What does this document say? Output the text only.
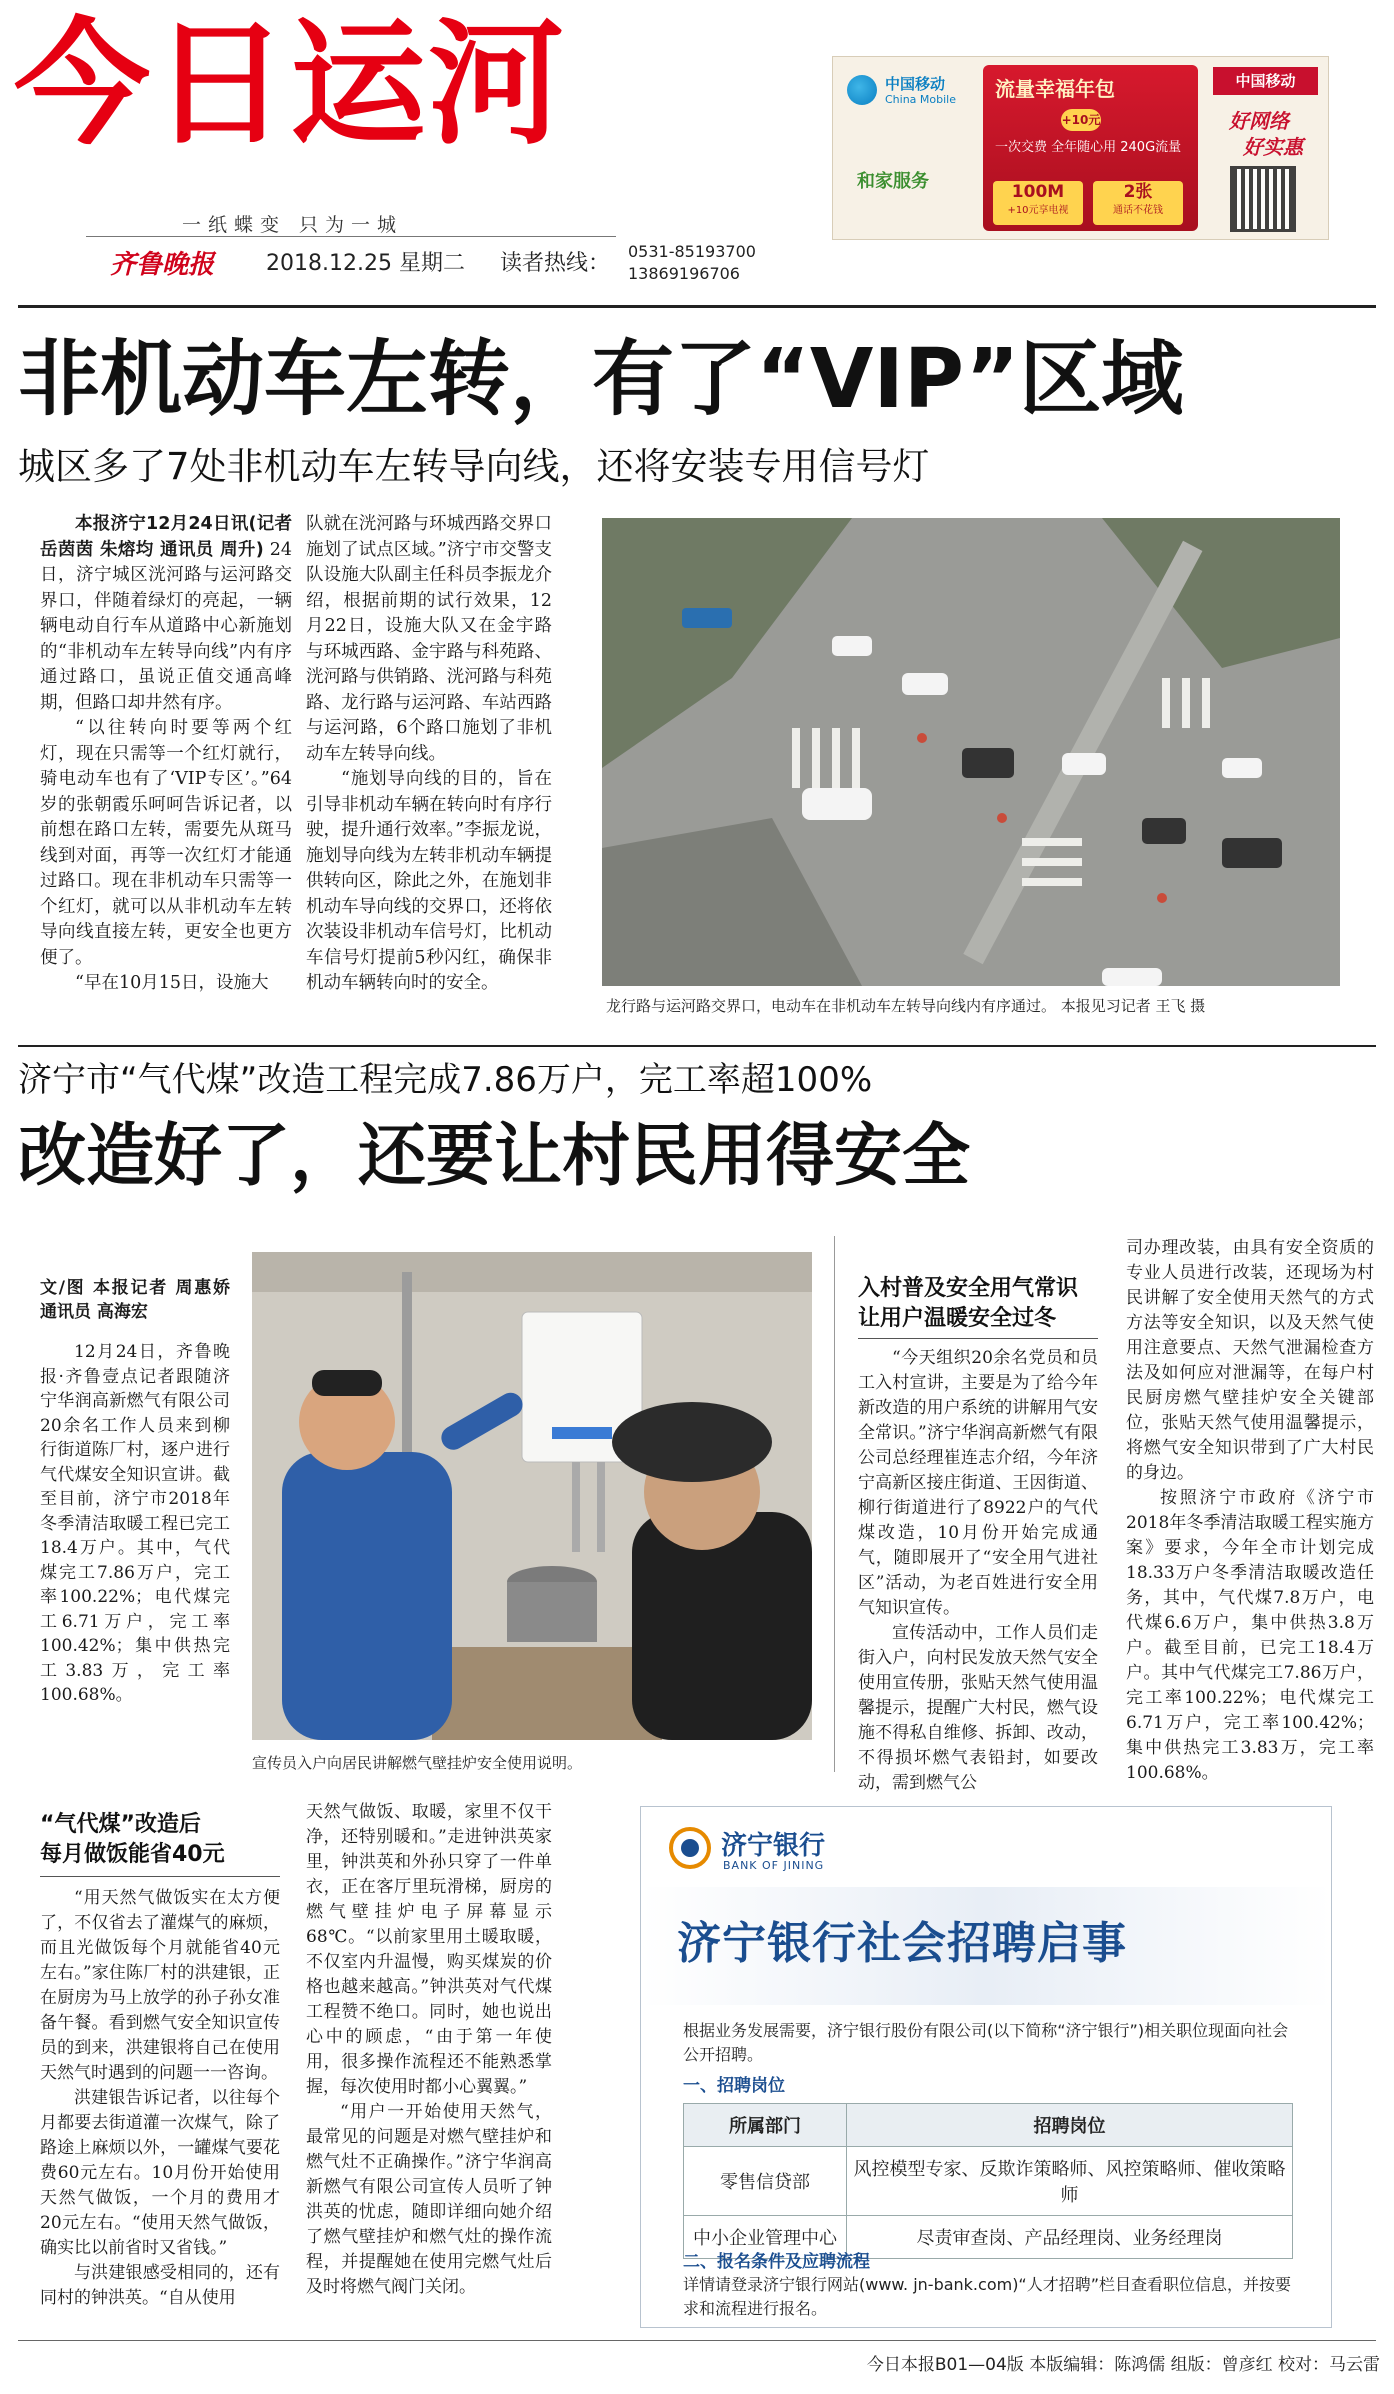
今日运河
一纸蝶变 只为一城
齐鲁晚报 2018.12.25 星期二 读者热线： 0531-85193700
13869196706
中国移动
China Mobile
和家服务
流量幸福年包
+10元
一次交费 全年随心用 240G流量
100M
+10元享电视
2张
通话不花钱
中国移动
好网络
好实惠
非机动车左转，有了“VIP”区域
城区多了7处非机动车左转导向线，还将安装专用信号灯

本报济宁12月24日讯(记者 岳茵茵 朱熔均 通讯员 周升) 24日，济宁城区洸河路与运河路交界口，伴随着绿灯的亮起，一辆辆电动自行车从道路中心新施划的“非机动车左转导向线”内有序通过路口，虽说正值交通高峰期，但路口却井然有序。

“以往转向时要等两个红灯，现在只需等一个红灯就行，骑电动车也有了‘VIP专区’。”64岁的张朝霞乐呵呵告诉记者，以前想在路口左转，需要先从斑马线到对面，再等一次红灯才能通过路口。现在非机动车只需等一个红灯，就可以从非机动车左转导向线直接左转，更安全也更方便了。

“早在10月15日，设施大

队就在洸河路与环城西路交界口施划了试点区域。”济宁市交警支队设施大队副主任科员李振龙介绍，根据前期的试行效果，12月22日，设施大队又在金宇路与环城西路、金宇路与科苑路、洸河路与供销路、洸河路与科苑路、龙行路与运河路、车站西路与运河路，6个路口施划了非机动车左转导向线。

“施划导向线的目的，旨在引导非机动车辆在转向时有序行驶，提升通行效率。”李振龙说，施划导向线为左转非机动车辆提供转向区，除此之外，在施划非机动车导向线的交界口，还将依次装设非机动车信号灯，比机动车信号灯提前5秒闪红，确保非机动车辆转向时的安全。

龙行路与运河路交界口，电动车在非机动车左转导向线内有序通过。 本报见习记者 王飞 摄
济宁市“气代煤”改造工程完成7.86万户，完工率超100%
改造好了，还要让村民用得安全
文/图 本报记者 周惠娇 通讯员 高海宏

12月24日，齐鲁晚报·齐鲁壹点记者跟随济宁华润高新燃气有限公司20余名工作人员来到柳行街道陈厂村，逐户进行气代煤安全知识宣讲。截至目前，济宁市2018年冬季清洁取暖工程已完工18.4万户。其中，气代煤完工7.86万户，完工率100.22%；电代煤完工6.71万户，完工率100.42%；集中供热完工3.83万，完工率100.68%。

宣传员入户向居民讲解燃气壁挂炉安全使用说明。
入村普及安全用气常识
让用户温暖安全过冬

“今天组织20余名党员和员工入村宣讲，主要是为了给今年新改造的用户系统的讲解用气安全常识。”济宁华润高新燃气有限公司总经理崔连志介绍，今年济宁高新区接庄街道、王因街道、柳行街道进行了8922户的气代煤改造，10月份开始完成通气，随即展开了“安全用气进社区”活动，为老百姓进行安全用气知识宣传。

宣传活动中，工作人员们走街入户，向村民发放天然气安全使用宣传册，张贴天然气使用温馨提示，提醒广大村民，燃气设施不得私自维修、拆卸、改动，不得损坏燃气表铅封，如要改动，需到燃气公

司办理改装，由具有安全资质的专业人员进行改装，还现场为村民讲解了安全使用天然气的方式方法等安全知识，以及天然气使用注意要点、天然气泄漏检查方法及如何应对泄漏等，在每户村民厨房燃气壁挂炉安全关键部位，张贴天然气使用温馨提示，将燃气安全知识带到了广大村民的身边。

按照济宁市政府《济宁市2018年冬季清洁取暖工程实施方案》要求，今年全市计划完成18.33万户冬季清洁取暖改造任务，其中，气代煤7.8万户，电代煤6.6万户，集中供热3.8万户。截至目前，已完工18.4万户。其中气代煤完工7.86万户，完工率100.22%；电代煤完工6.71万户，完工率100.42%；集中供热完工3.83万，完工率100.68%。

“气代煤”改造后
每月做饭能省40元

“用天然气做饭实在太方便了，不仅省去了灌煤气的麻烦，而且光做饭每个月就能省40元左右。”家住陈厂村的洪建银，正在厨房为马上放学的孙子孙女准备午餐。看到燃气安全知识宣传员的到来，洪建银将自己在使用天然气时遇到的问题一一咨询。

洪建银告诉记者，以往每个月都要去街道灌一次煤气，除了路途上麻烦以外，一罐煤气要花费60元左右。10月份开始使用天然气做饭，一个月的费用才20元左右。“使用天然气做饭，确实比以前省时又省钱。”

与洪建银感受相同的，还有同村的钟洪英。“自从使用

天然气做饭、取暖，家里不仅干净，还特别暖和。”走进钟洪英家里，钟洪英和外孙只穿了一件单衣，正在客厅里玩滑梯，厨房的燃气壁挂炉电子屏幕显示68℃。“以前家里用土暖取暖，不仅室内升温慢，购买煤炭的价格也越来越高。”钟洪英对气代煤工程赞不绝口。同时，她也说出心中的顾虑，“由于第一年使用，很多操作流程还不能熟悉掌握，每次使用时都小心翼翼。”

“用户一开始使用天然气，最常见的问题是对燃气壁挂炉和燃气灶不正确操作。”济宁华润高新燃气有限公司宣传人员听了钟洪英的忧虑，随即详细向她介绍了燃气壁挂炉和燃气灶的操作流程，并提醒她在使用完燃气灶后及时将燃气阀门关闭。

济宁银行
BANK OF JINING
济宁银行社会招聘启事
根据业务发展需要，济宁银行股份有限公司(以下简称“济宁银行”)相关职位现面向社会公开招聘。
一、招聘岗位
所属部门	招聘岗位
零售信贷部	风控模型专家、反欺诈策略师、风控策略师、催收策略师
中小企业管理中心	尽责审查岗、产品经理岗、业务经理岗
二、报名条件及应聘流程
详情请登录济宁银行网站(www. jn-bank.com)“人才招聘”栏目查看职位信息，并按要求和流程进行报名。
今日本报B01—04版 本版编辑：陈鸿儒 组版：曾彦红 校对：马云雷
